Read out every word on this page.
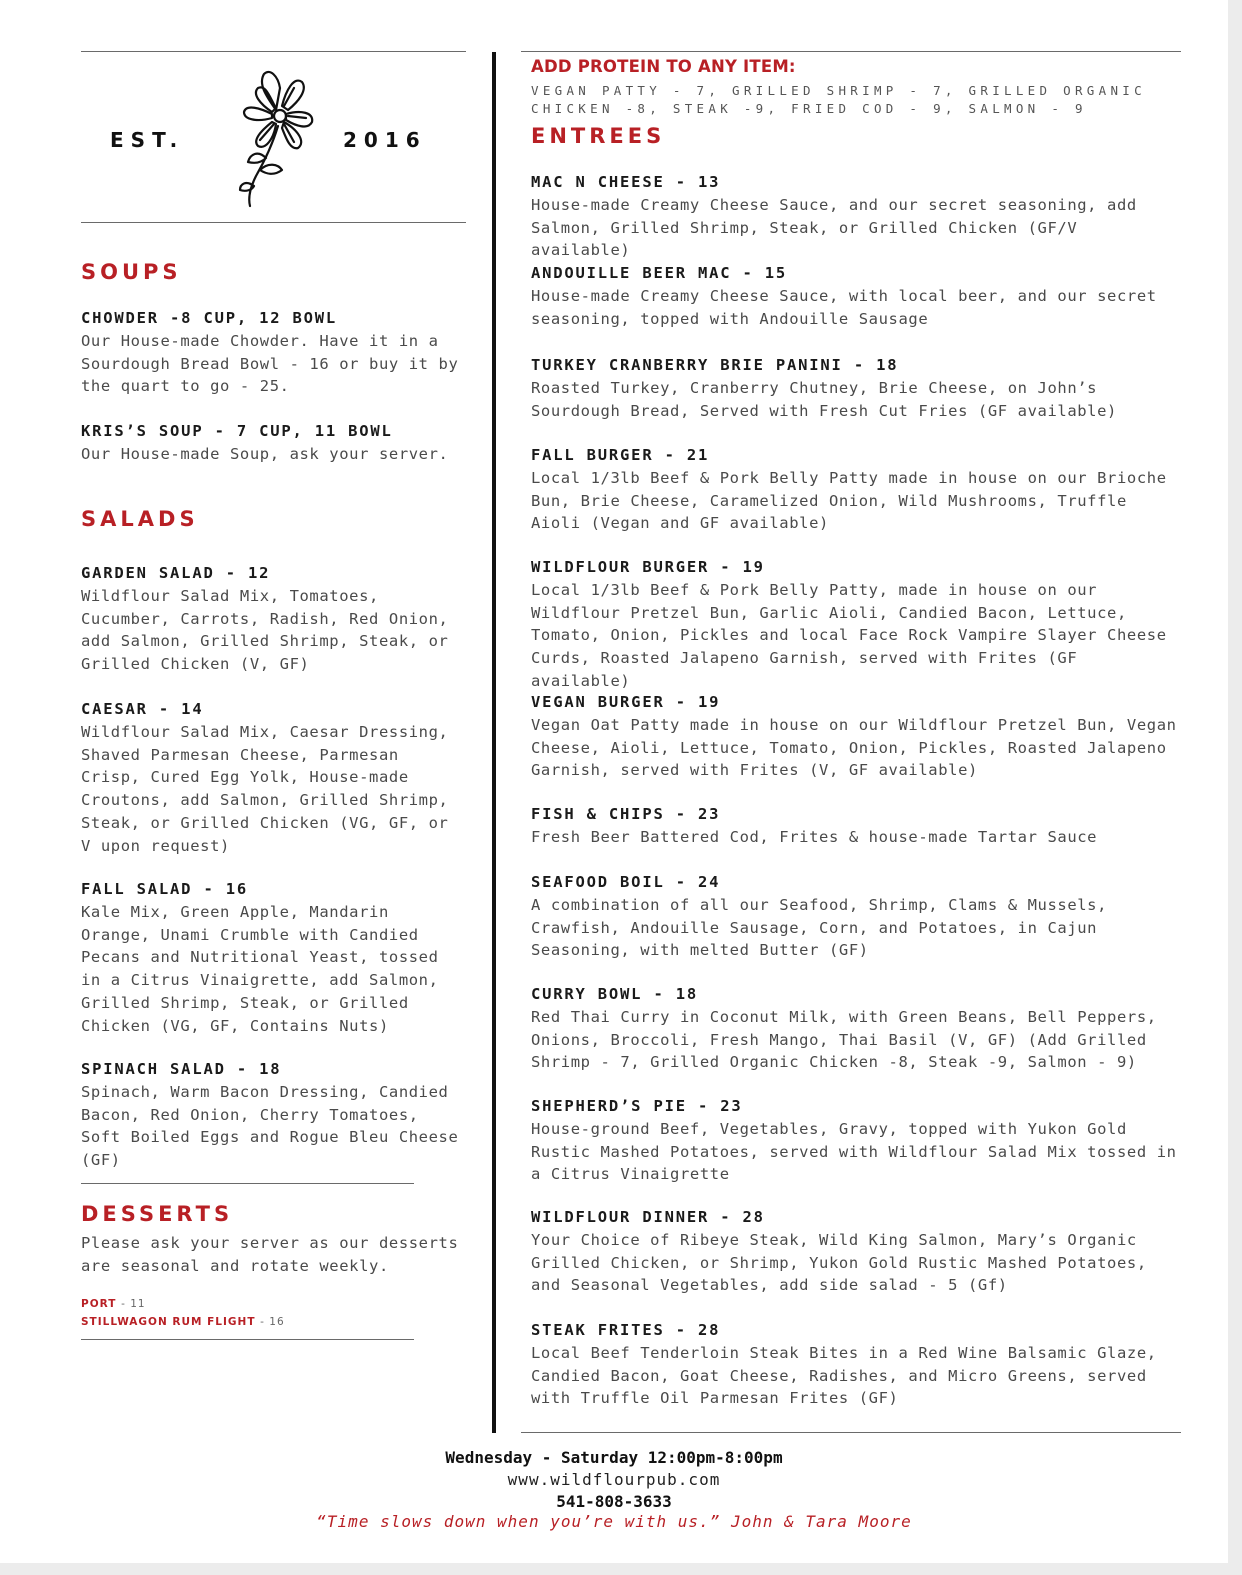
EST.	2016
SOUPS
CHOWDER -8 CUP, 12 BOWL
Our House-made Chowder. Have it in a Sourdough Bread Bowl - 16 or buy it by the quart to go - 25.
KRIS’S SOUP - 7 CUP, 11 BOWL
Our House-made Soup, ask your server.
SALADS
GARDEN SALAD - 12
Wildflour Salad Mix, Tomatoes, Cucumber, Carrots, Radish, Red Onion, add Salmon, Grilled Shrimp, Steak, or Grilled Chicken (V, GF)
CAESAR - 14
Wildflour Salad Mix, Caesar Dressing, Shaved Parmesan Cheese, Parmesan Crisp, Cured Egg Yolk, House-made Croutons, add Salmon, Grilled Shrimp, Steak, or Grilled Chicken (VG, GF, or V upon request)
FALL SALAD - 16
Kale Mix, Green Apple, Mandarin Orange, Unami Crumble with Candied Pecans and Nutritional Yeast, tossed in a Citrus Vinaigrette, add Salmon, Grilled Shrimp, Steak, or Grilled Chicken (VG, GF, Contains Nuts)
SPINACH SALAD - 18
Spinach, Warm Bacon Dressing, Candied Bacon, Red Onion, Cherry Tomatoes, Soft Boiled Eggs and Rogue Bleu Cheese (GF)
DESSERTS
Please ask your server as our desserts are seasonal and rotate weekly.
PORT - 11
STILLWAGON RUM FLIGHT - 16
ADD PROTEIN TO ANY ITEM:
VEGAN PATTY - 7, GRILLED SHRIMP - 7, GRILLED ORGANIC CHICKEN -8, STEAK -9, FRIED COD - 9, SALMON - 9
ENTREES
MAC N CHEESE - 13
House-made Creamy Cheese Sauce, and our secret seasoning, add Salmon, Grilled Shrimp, Steak, or Grilled Chicken (GF/V available)
ANDOUILLE BEER MAC - 15
House-made Creamy Cheese Sauce, with local beer, and our secret seasoning, topped with Andouille Sausage
TURKEY CRANBERRY BRIE PANINI - 18
Roasted Turkey, Cranberry Chutney, Brie Cheese, on John’s Sourdough Bread, Served with Fresh Cut Fries (GF available)
FALL BURGER - 21
Local 1/3lb Beef & Pork Belly Patty made in house on our Brioche Bun, Brie Cheese, Caramelized Onion, Wild Mushrooms, Truffle Aioli (Vegan and GF available)
WILDFLOUR BURGER - 19
Local 1/3lb Beef & Pork Belly Patty, made in house on our Wildflour Pretzel Bun, Garlic Aioli, Candied Bacon, Lettuce, Tomato, Onion, Pickles and local Face Rock Vampire Slayer Cheese Curds, Roasted Jalapeno Garnish, served with Frites (GF available)
VEGAN BURGER - 19
Vegan Oat Patty made in house on our Wildflour Pretzel Bun, Vegan Cheese, Aioli, Lettuce, Tomato, Onion, Pickles, Roasted Jalapeno Garnish, served with Frites (V, GF available)
FISH & CHIPS - 23
Fresh Beer Battered Cod, Frites & house-made Tartar Sauce
SEAFOOD BOIL - 24
A combination of all our Seafood, Shrimp, Clams & Mussels, Crawfish, Andouille Sausage, Corn, and Potatoes, in Cajun Seasoning, with melted Butter (GF)
CURRY BOWL - 18
Red Thai Curry in Coconut Milk, with Green Beans, Bell Peppers, Onions, Broccoli, Fresh Mango, Thai Basil (V, GF) (Add Grilled Shrimp - 7, Grilled Organic Chicken -8, Steak -9, Salmon - 9)
SHEPHERD’S PIE - 23
House-ground Beef, Vegetables, Gravy, topped with Yukon Gold Rustic Mashed Potatoes, served with Wildflour Salad Mix tossed in a Citrus Vinaigrette
WILDFLOUR DINNER - 28
Your Choice of Ribeye Steak, Wild King Salmon, Mary’s Organic Grilled Chicken, or Shrimp, Yukon Gold Rustic Mashed Potatoes, and Seasonal Vegetables, add side salad - 5 (Gf)
STEAK FRITES - 28
Local Beef Tenderloin Steak Bites in a Red Wine Balsamic Glaze, Candied Bacon, Goat Cheese, Radishes, and Micro Greens, served with Truffle Oil Parmesan Frites (GF)
Wednesday - Saturday 12:00pm-8:00pm
www.wildflourpub.com
541-808-3633
“Time slows down when you’re with us.” John & Tara Moore
